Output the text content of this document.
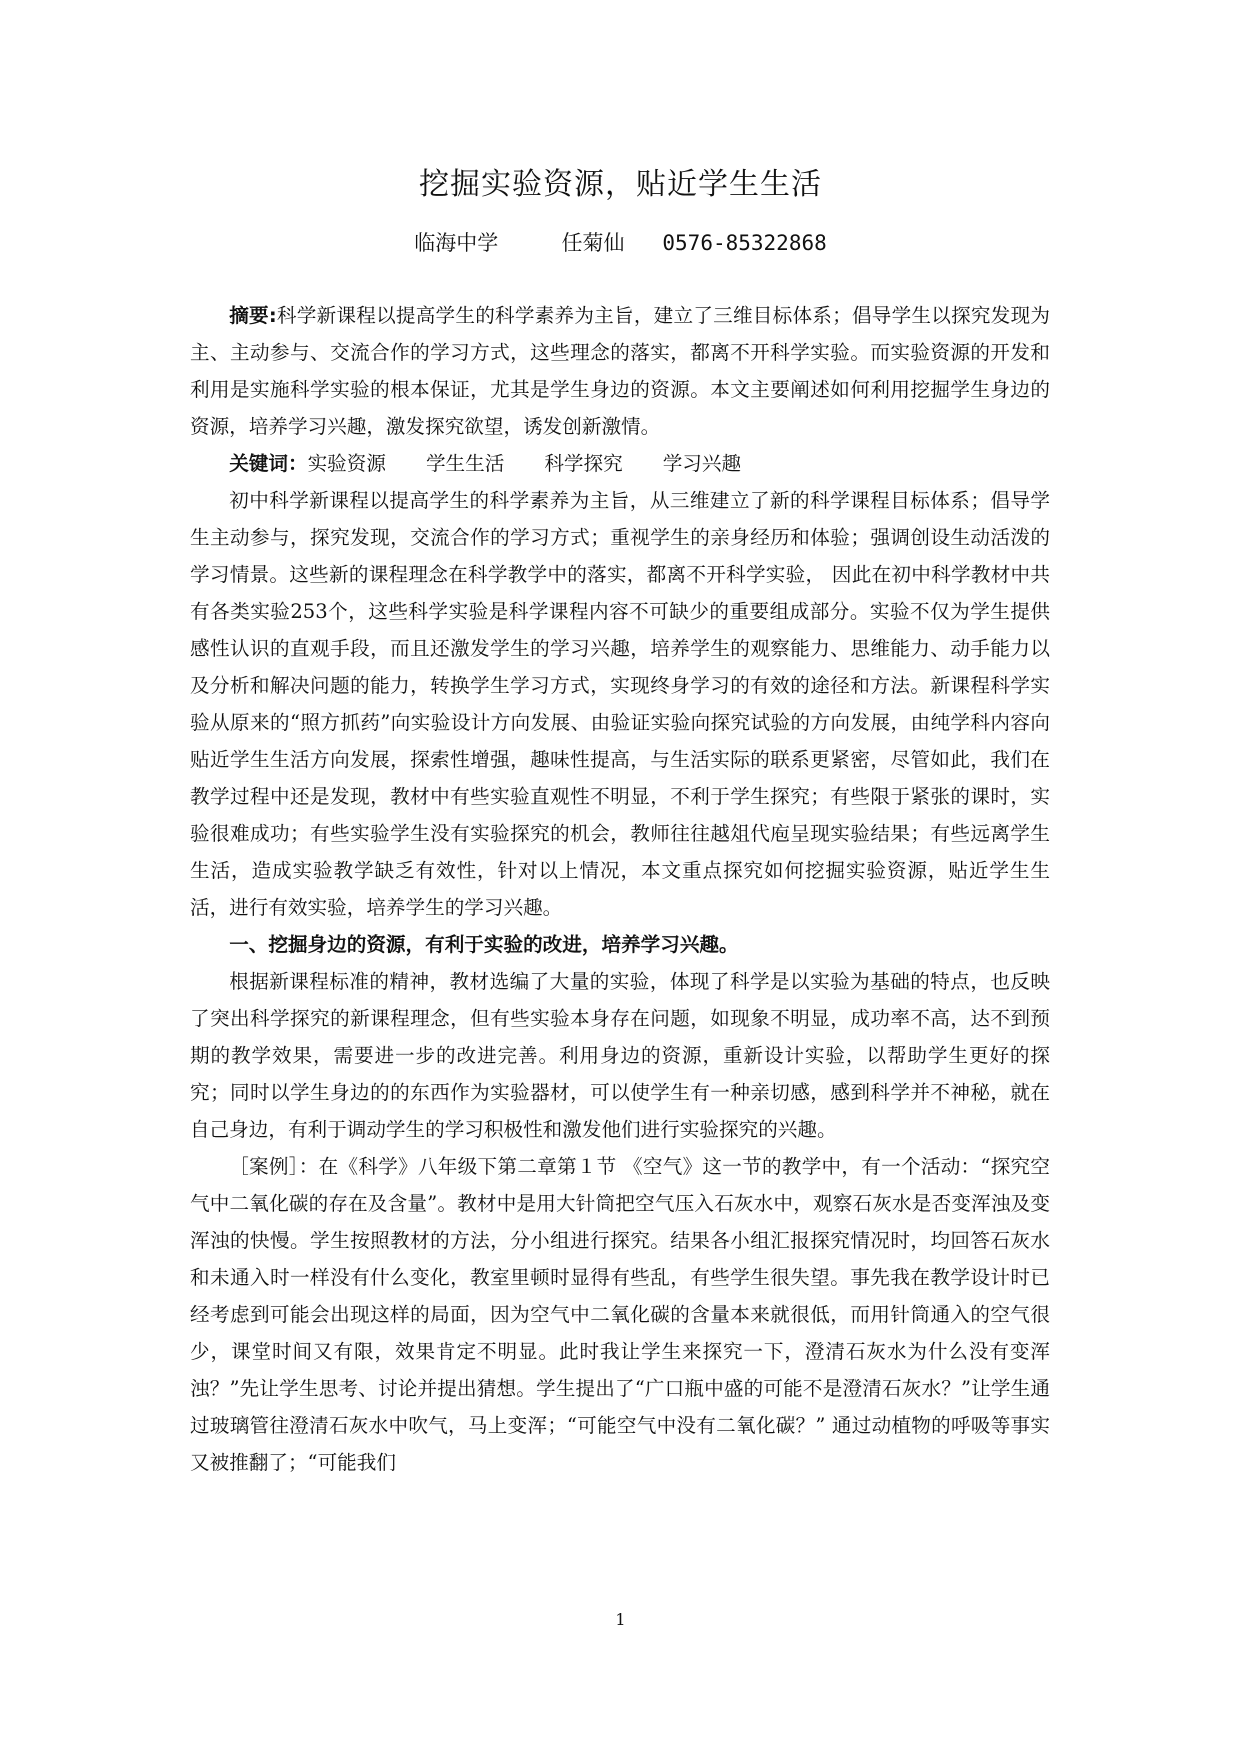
挖掘实验资源，贴近学生生活
临海中学	任菊仙 0576-85322868

摘要:科学新课程以提高学生的科学素养为主旨，建立了三维目标体系；倡导学生以探究发现为主、主动参与、交流合作的学习方式，这些理念的落实，都离不开科学实验。而实验资源的开发和利用是实施科学实验的根本保证，尤其是学生身边的资源。本文主要阐述如何利用挖掘学生身边的资源，培养学习兴趣，激发探究欲望，诱发创新激情。

关键词：实验资源 学生生活 科学探究 学习兴趣

初中科学新课程以提高学生的科学素养为主旨，从三维建立了新的科学课程目标体系；倡导学生主动参与，探究发现，交流合作的学习方式；重视学生的亲身经历和体验；强调创设生动活泼的学习情景。这些新的课程理念在科学教学中的落实，都离不开科学实验， 因此在初中科学教材中共有各类实验253个，这些科学实验是科学课程内容不可缺少的重要组成部分。实验不仅为学生提供感性认识的直观手段，而且还激发学生的学习兴趣，培养学生的观察能力、思维能力、动手能力以及分析和解决问题的能力，转换学生学习方式，实现终身学习的有效的途径和方法。新课程科学实验从原来的“照方抓药”向实验设计方向发展、由验证实验向探究试验的方向发展，由纯学科内容向贴近学生生活方向发展，探索性增强，趣味性提高，与生活实际的联系更紧密，尽管如此，我们在教学过程中还是发现，教材中有些实验直观性不明显，不利于学生探究；有些限于紧张的课时，实验很难成功；有些实验学生没有实验探究的机会，教师往往越俎代庖呈现实验结果；有些远离学生生活，造成实验教学缺乏有效性，针对以上情况，本文重点探究如何挖掘实验资源，贴近学生生活，进行有效实验，培养学生的学习兴趣。

一、挖掘身边的资源，有利于实验的改进，培养学习兴趣。

根据新课程标准的精神，教材选编了大量的实验，体现了科学是以实验为基础的特点，也反映了突出科学探究的新课程理念，但有些实验本身存在问题，如现象不明显，成功率不高，达不到预期的教学效果，需要进一步的改进完善。利用身边的资源，重新设计实验，以帮助学生更好的探究；同时以学生身边的的东西作为实验器材，可以使学生有一种亲切感，感到科学并不神秘，就在自己身边，有利于调动学生的学习积极性和激发他们进行实验探究的兴趣。

［案例］：在《科学》八年级下第二章第１节 《空气》这一节的教学中，有一个活动：“探究空气中二氧化碳的存在及含量”。教材中是用大针筒把空气压入石灰水中，观察石灰水是否变浑浊及变浑浊的快慢。学生按照教材的方法，分小组进行探究。结果各小组汇报探究情况时，均回答石灰水和未通入时一样没有什么变化，教室里顿时显得有些乱，有些学生很失望。事先我在教学设计时已经考虑到可能会出现这样的局面，因为空气中二氧化碳的含量本来就很低，而用针筒通入的空气很少，课堂时间又有限，效果肯定不明显。此时我让学生来探究一下，澄清石灰水为什么没有变浑浊？”先让学生思考、讨论并提出猜想。学生提出了“广口瓶中盛的可能不是澄清石灰水？”让学生通过玻璃管往澄清石灰水中吹气，马上变浑；“可能空气中没有二氧化碳？” 通过动植物的呼吸等事实又被推翻了；“可能我们

1
